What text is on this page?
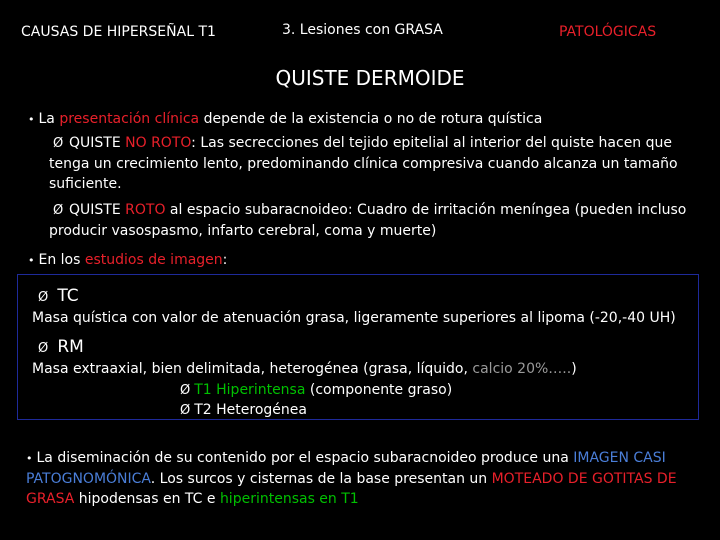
CAUSAS DE HIPERSEÑAL T1	3. Lesiones con GRASA	PATOLÓGICAS
QUISTE DERMOIDE
• La presentación clínica depende de la existencia o no de rotura quística
Ø QUISTE NO ROTO: Las secrecciones del tejido epitelial al interior del quiste hacen que tenga un crecimiento lento, predominando clínica compresiva cuando alcanza un tamaño suficiente.
Ø QUISTE ROTO al espacio subaracnoideo: Cuadro de irritación meníngea (pueden incluso producir vasospasmo, infarto cerebral, coma y muerte)
• En los estudios de imagen:
Ø TC
Masa quística con valor de atenuación grasa, ligeramente superiores al lipoma (-20,-40 UH)
Ø RM
Masa extraaxial, bien delimitada, heterogénea (grasa, líquido, calcio 20%…..)
Ø T1 Hiperintensa (componente graso)
Ø T2 Heterogénea
• La diseminación de su contenido por el espacio subaracnoideo produce una IMAGEN CASI PATOGNOMÓNICA. Los surcos y cisternas de la base presentan un MOTEADO DE GOTITAS DE GRASA hipodensas en TC e hiperintensas en T1
